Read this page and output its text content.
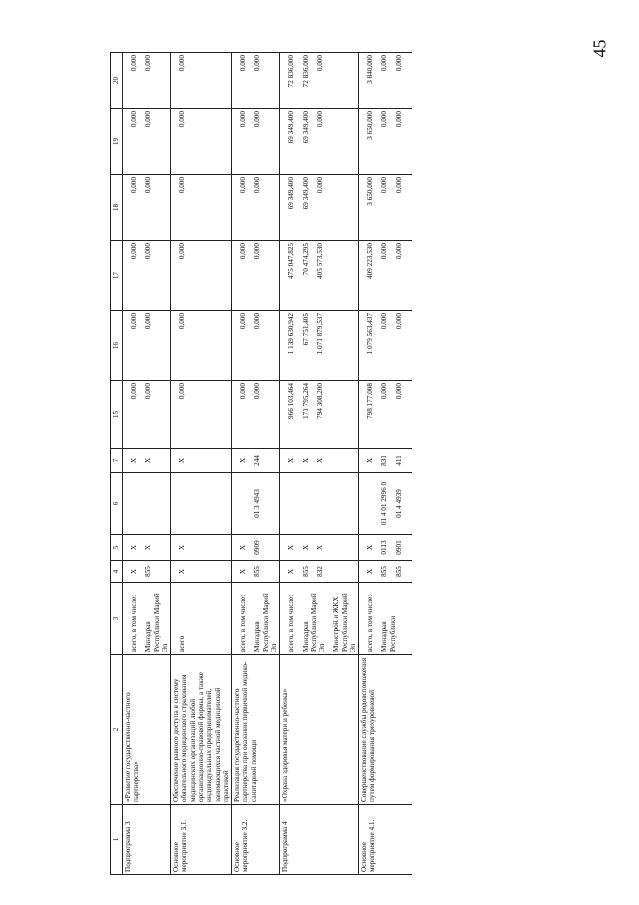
45
1	2	3	4	5	6	7	15	16	17	18	19	20
Подпрограмма 3	«Развитие государственно-частного партнерства»	всего, в том числе: Минздрав Республики Марий Эл	X 855	X X		X X	0,000 0,000	0,000 0,000	0,000 0,000	0,000 0,000	0,000 0,000	0,000 0,000

Основное мероприятие 3.1.	Обеспечение равного доступа в систему обязательного медицинского страхования медицинских организаций любой организационно-правовой формы, а также индивидуальных предпринимателей, занимающихся частной медицинской практикой	всего	X	X		X	0,000	0,000	0,000	0,000	0,000	0,000

Основное мероприятие 3.2.	Реализация государственно-частного партнерства при оказании первичной медико-санитарной помощи	всего, в том числе: Минздрав Республики Марий Эл	X 855	X 0909	01 3 4943	X 244	0,000 0,000	0,000 0,000	0,000 0,000	0,000 0,000	0,000 0,000	0,000 0,000

Подпрограмма 4	«Охрана здоровья матери и ребенка»	всего, в том числе: Минздрав Республики Марий Эл Минстрой и ЖКХ Республики Марий Эл	X 855 832	X X X		X X X	966 103,464 171 795,264 794 308,200	1 139 630,942 67 751,405 1 071 879,537	475 047,825 70 474,295 405 573,530	69 349,400 69 349,400 0,000	69 349,400 69 349,400 0,000	72 836,000 72 836,000 0,000

Основное мероприятие 4.1.	Совершенствование службы родовспоможения путем формирования трехуровневой	всего, в том числе: Минздрав Республики	X 855 855	X 0113 0901	01 4 01 2996 0 01 4 4939	X 831 411	798 177,008 0,000 0,000	1 079 563,437 0,000 0,000	409 223,530 0,000 0,000	3 650,000 0,000 0,000	3 650,000 0,000 0,000	3 840,000 0,000 0,000
